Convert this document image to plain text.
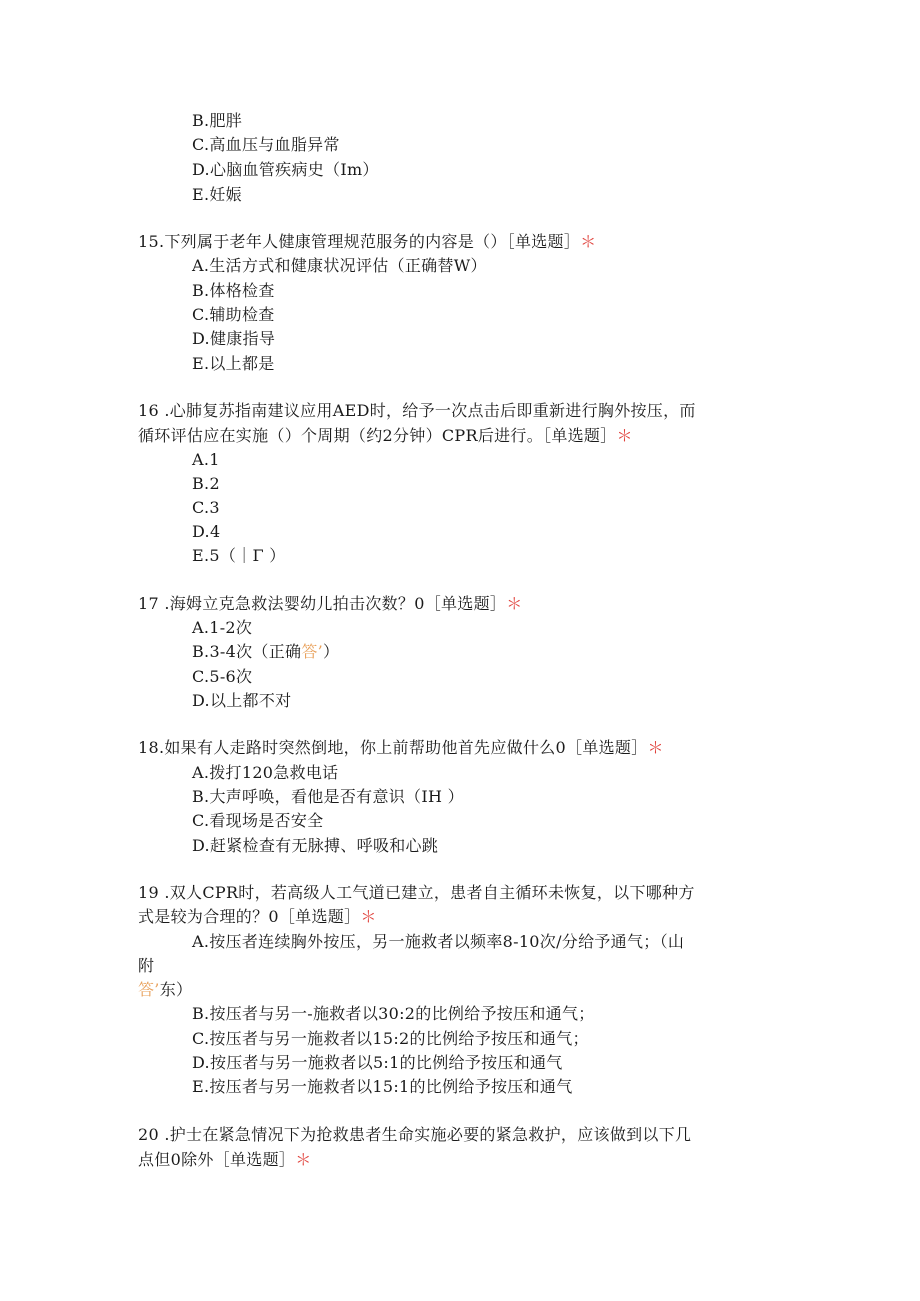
B.肥胖
C.高血压与血脂异常
D.心脑血管疾病史（Im）
E.妊娠
15.下列属于老年人健康管理规范服务的内容是（）［单选题］＊
A.生活方式和健康状况评估（正确替W）
B.体格检查
C.辅助检查
D.健康指导
E.以上都是
16 .心肺复苏指南建议应用AED时，给予一次点击后即重新进行胸外按压，而
循环评估应在实施（）个周期（约2分钟）CPR后进行。［单选题］＊
A.1
B.2
C.3
D.4
E.5（｜Γ ）
17 .海姆立克急救法婴幼儿拍击次数？0［单选题］＊
A.1-2次
B.3-4次（正确答’）
C.5-6次
D.以上都不对
18.如果有人走路时突然倒地，你上前帮助他首先应做什么0［单选题］＊
A.拨打120急救电话
B.大声呼唤，看他是否有意识（IH ）
C.看现场是否安全
D.赶紧检查有无脉搏、呼吸和心跳
19 .双人CPR时，若高级人工气道已建立，患者自主循环未恢复，以下哪种方
式是较为合理的？0［单选题］＊
A.按压者连续胸外按压，另一施救者以频率8-10次/分给予通气；（山
附
答’东）
B.按压者与另一-施救者以30:2的比例给予按压和通气；
C.按压者与另一施救者以15:2的比例给予按压和通气；
D.按压者与另一施救者以5:1的比例给予按压和通气
E.按压者与另一施救者以15:1的比例给予按压和通气
20 .护士在紧急情况下为抢救患者生命实施必要的紧急救护，应该做到以下几
点但0除外［单选题］＊
